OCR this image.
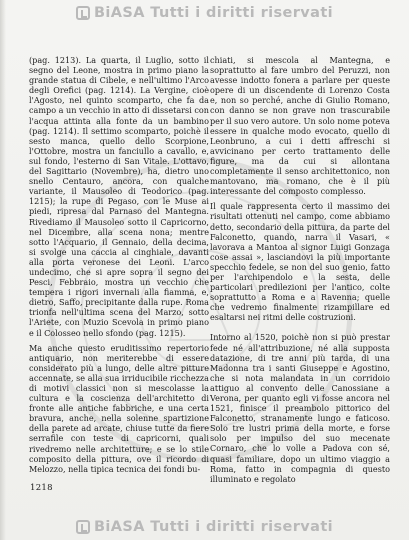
BiASA Tutti i diritti riservati

(pag. 1213). La quarta, il Luglio, sotto il segno del Leone, mostra in primo piano la grande statua di Cibele, e nell'ultimo l'Arco degli Orefici (pag. 1214). La Vergine, cioè l'Agosto, nel quinto scomparto, che fa da campo a un vecchio in atto di dissetarsi con l'acqua attinta alla fonte da un bambino (pag. 1214). Il settimo scomparto, poichè il sesto manca, quello dello Scorpione, l'Ottobre, mostra un fanciullo a cavallo, e, sul fondo, l'esterno di San Vitale. L'ottavo, del Sagittario (Novembre), ha, dietro uno snello Centauro, ancora, con qualche variante, il Mausoleo di Teodorico (pag. 1215); la rupe di Pegaso, con le Muse ai piedi, ripresa dal Parnaso del Mantegna. Rivediamo il Mausoleo sotto il Capricorno, nel Dicembre, alla scena nona; mentre sotto l'Acquario, il Gennaio, della decima, si svolge una caccia al cinghiale, davanti alla porta veronese dei Leoni. L'arco undecimo, che si apre sopra il segno dei Pesci, Febbraio, mostra un vecchio che tempera i rigori invernali alla fiamma, e, dietro, Saffo, precipitante dalla rupe. Roma trionfa nell'ultima scena del Marzo, sotto l'Ariete, con Muzio Scevola in primo piano e il Colosseo nello sfondo (pag. 1215).

Ma anche questo eruditissimo repertorio antiquario, non meriterebbe di essere considerato più a lungo, delle altre pitture accennate, se alla sua irriducibile ricchezza di motivi classici non si mescolasse la cultura e la coscienza dell'architetto di fronte alle antiche fabbriche, e una certa bravura, anche, nella solenne spartizione della parete ad arcate, chiuse tutte da fiere serrafile con teste di capricorni, quali rivedremo nelle architetture; e se lo stile composito della pittura, ove il ricordo di Melozzo, nella tipica tecnica dei fondi bu-

chiati, si mescola al Mantegna, e soprattutto al fare umbro del Peruzzi, non avesse indotto fonera a parlare per queste opere di un discendente di Lorenzo Costa e, non so perché, anche di Giulio Romano, con danno se non grave non trascurabile per il suo vero autore. Un solo nome poteva essere in qualche modo evocato, quello di Leonbruno, a cui i detti affreschi si avvicinano per certo trattamento delle figure, ma da cui si allontana completamente il senso architettonico, non mantovano, ma romano, che è il più interessante del composto complesso.

Il quale rappresenta certo il massimo dei risultati ottenuti nel campo, come abbiamo detto, secondario della pittura, da parte del Falconetto, quando, narra il Vasari, « lavorava a Mantoa al signor Luigi Gonzaga cose assai », lasciandovi la più importante specchio fedele, se non del suo genio, fatto per l'archipendolo e la sesta, delle particolari predilezioni per l'antico, colte soprattutto a Roma e a Ravenna; quelle che vedremo finalmente rizampillare ed esaltarsi nei ritmi delle costruzioni.

Intorno al 1520, poichè non si può prestar fede né all'attribuzione, né alla supposta datazione, di tre anni più tarda, di una Madonna tra i santi Giuseppe e Agostino, che si nota malandata in un corridoio attiguo al convento delle Canossiane a Verona, per quanto egli vi fosse ancora nel 1521, finisce il preambolo pittorico del Falconetto, stranamente lungo e faticoso. Solo tre lustri prima della morte, e forse solo per impulso del suo mecenate Cornaro, che lo volle a Padova con sé, quasi familiare, dopo un ultimo viaggio a Roma, fatto in compagnia di questo illuminato e regolato

1218
BiASA Tutti i diritti riservati
